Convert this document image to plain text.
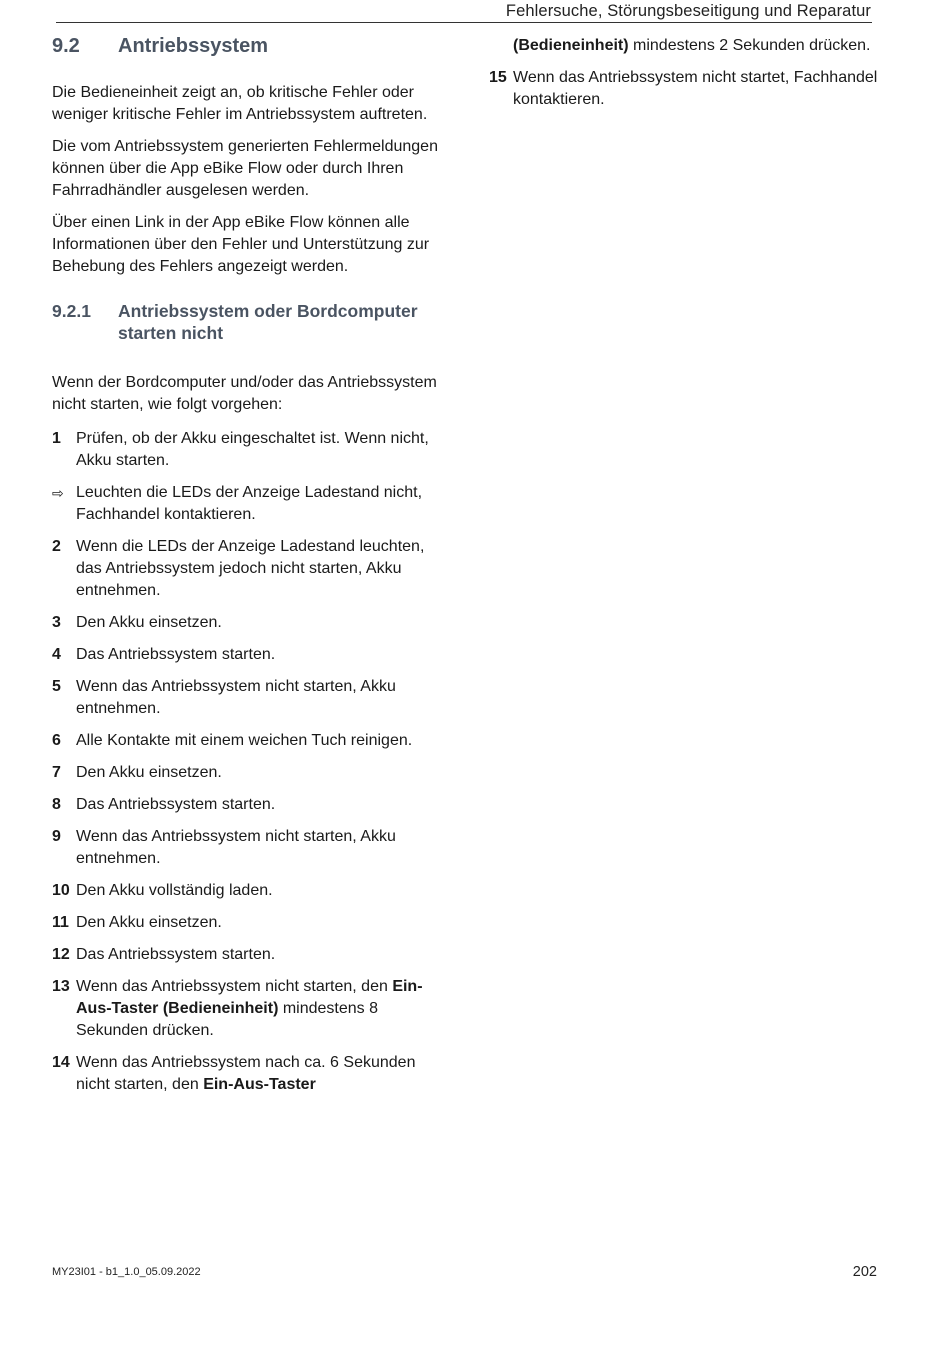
Fehlersuche, Störungsbeseitigung und Reparatur
9.2	Antriebssystem

Die Bedieneinheit zeigt an, ob kritische Fehler oder weniger kritische Fehler im Antriebssystem auftreten.

Die vom Antriebssystem generierten Fehlermeldungen können über die App eBike Flow oder durch Ihren Fahrradhändler ausgelesen werden.

Über einen Link in der App eBike Flow können alle Informationen über den Fehler und Unterstützung zur Behebung des Fehlers angezeigt werden.

9.2.1	Antriebssystem oder Bordcomputer starten nicht

Wenn der Bordcomputer und/oder das Antriebssystem nicht starten, wie folgt vorgehen:

1 Prüfen, ob der Akku eingeschaltet ist. Wenn nicht, Akku starten.
⇨ Leuchten die LEDs der Anzeige Ladestand nicht, Fachhandel kontaktieren.
2 Wenn die LEDs der Anzeige Ladestand leuchten, das Antriebssystem jedoch nicht starten, Akku entnehmen.
3 Den Akku einsetzen.
4 Das Antriebssystem starten.
5 Wenn das Antriebssystem nicht starten, Akku entnehmen.
6 Alle Kontakte mit einem weichen Tuch reinigen.
7 Den Akku einsetzen.
8 Das Antriebssystem starten.
9 Wenn das Antriebssystem nicht starten, Akku entnehmen.
10 Den Akku vollständig laden.
11 Den Akku einsetzen.
12 Das Antriebssystem starten.
13 Wenn das Antriebssystem nicht starten, den Ein-Aus-Taster (Bedieneinheit) mindestens 8 Sekunden drücken.
14 Wenn das Antriebssystem nach ca. 6 Sekunden nicht starten, den Ein-Aus-Taster
(Bedieneinheit) mindestens 2 Sekunden drücken.
15 Wenn das Antriebssystem nicht startet, Fachhandel kontaktieren.
MY23I01 - b1_1.0_05.09.2022	202
